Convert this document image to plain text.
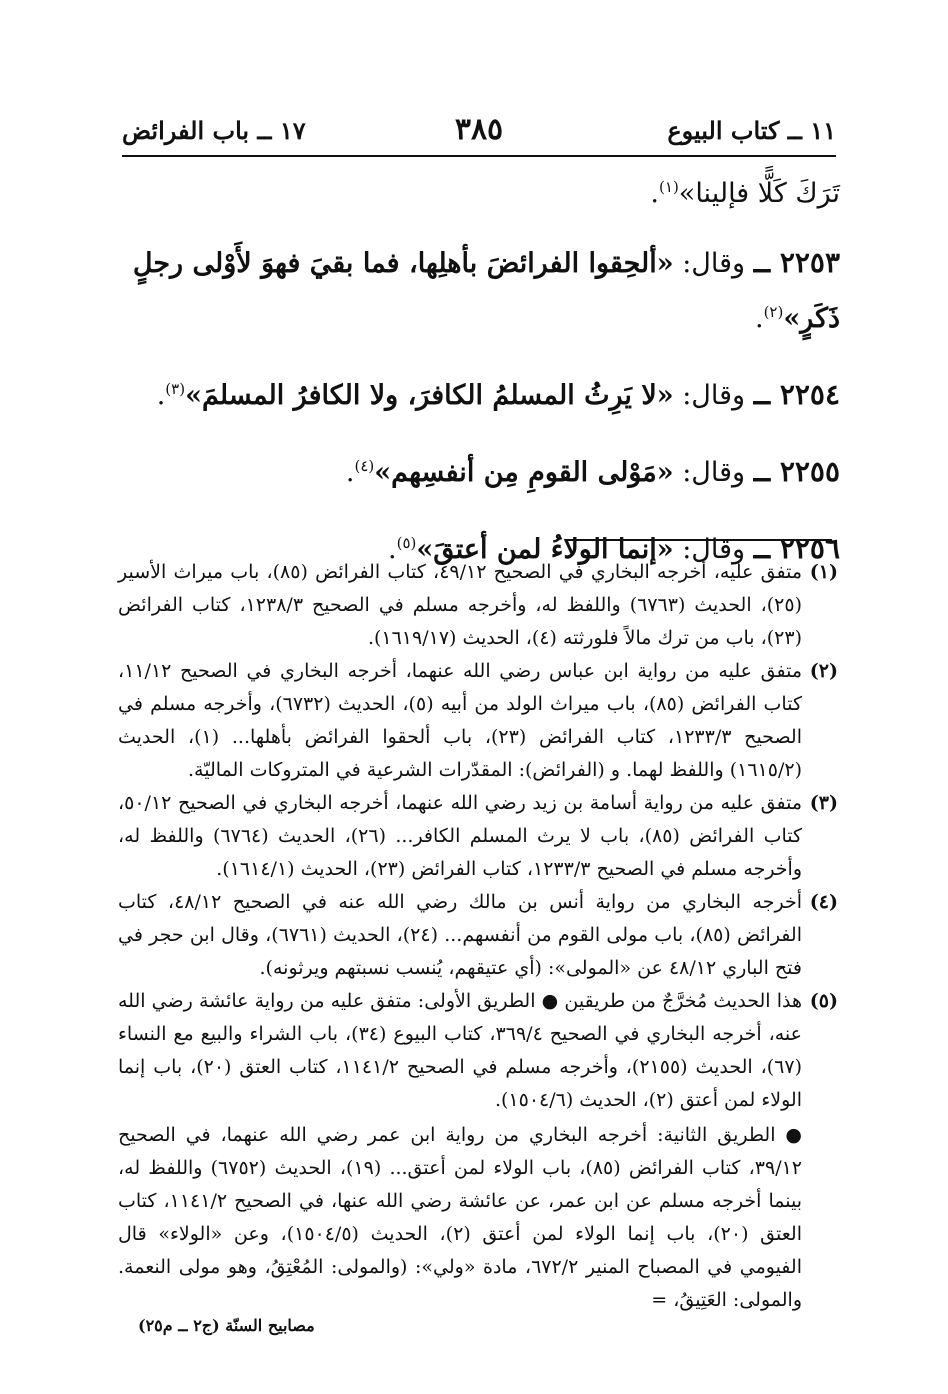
١١ ــ كتاب البيوع
٣٨٥
١٧ ــ باب الفرائض
تَرَكَ كَلًّا فإلينا»$^{(١)}$.
٢٢٥٣ ــ وقال: «ألحِقوا الفرائضَ بأهلِها، فما بقيَ فهوَ لأَوْلى رجلٍ ذَكَرٍ»$^{(٢)}$.
٢٢٥٤ ــ وقال: «لا يَرِثُ المسلمُ الكافرَ، ولا الكافرُ المسلمَ»$^{(٣)}$.
٢٢٥٥ ــ وقال: «مَوْلى القومِ مِن أنفسِهم»$^{(٤)}$.
٢٢٥٦ ــ وقال: «إنما الولاءُ لمن أعتقَ»$^{(٥)}$.
(١)

متفق عليه، أخرجه البخاري في الصحيح ٤٩/١٢، كتاب الفرائض (٨٥)، باب ميراث الأسير (٢٥)، الحديث (٦٧٦٣) واللفظ له، وأخرجه مسلم في الصحيح ١٢٣٨/٣، كتاب الفرائض (٢٣)، باب من ترك مالاً فلورثته (٤)، الحديث (١٦١٩/١٧).

(٢)

متفق عليه من رواية ابن عباس رضي الله عنهما، أخرجه البخاري في الصحيح ١١/١٢، كتاب الفرائض (٨٥)، باب ميراث الولد من أبيه (٥)، الحديث (٦٧٣٢)، وأخرجه مسلم في الصحيح ١٢٣٣/٣، كتاب الفرائض (٢٣)، باب ألحقوا الفرائض بأهلها... (١)، الحديث (١٦١٥/٢) واللفظ لهما. و (الفرائض): المقدّرات الشرعية في المتروكات الماليّة.

(٣)

متفق عليه من رواية أسامة بن زيد رضي الله عنهما، أخرجه البخاري في الصحيح ٥٠/١٢، كتاب الفرائض (٨٥)، باب لا يرث المسلم الكافر... (٢٦)، الحديث (٦٧٦٤) واللفظ له، وأخرجه مسلم في الصحيح ١٢٣٣/٣، كتاب الفرائض (٢٣)، الحديث (١٦١٤/١).

(٤)

أخرجه البخاري من رواية أنس بن مالك رضي الله عنه في الصحيح ٤٨/١٢، كتاب الفرائض (٨٥)، باب مولى القوم من أنفسهم... (٢٤)، الحديث (٦٧٦١)، وقال ابن حجر في فتح الباري ٤٨/١٢ عن «المولى»: (أي عتيقهم، يُنسب نسبتهم ويرثونه).

(٥)

هذا الحديث مُخرَّجٌ من طريقين ● الطريق الأولى: متفق عليه من رواية عائشة رضي الله عنه، أخرجه البخاري في الصحيح ٣٦٩/٤، كتاب البيوع (٣٤)، باب الشراء والبيع مع النساء (٦٧)، الحديث (٢١٥٥)، وأخرجه مسلم في الصحيح ١١٤١/٢، كتاب العتق (٢٠)، باب إنما الولاء لمن أعتق (٢)، الحديث (١٥٠٤/٦).

● الطريق الثانية: أخرجه البخاري من رواية ابن عمر رضي الله عنهما، في الصحيح ٣٩/١٢، كتاب الفرائض (٨٥)، باب الولاء لمن أعتق... (١٩)، الحديث (٦٧٥٢) واللفظ له، بينما أخرجه مسلم عن ابن عمر، عن عائشة رضي الله عنها، في الصحيح ١١٤١/٢، كتاب العتق (٢٠)، باب إنما الولاء لمن أعتق (٢)، الحديث (١٥٠٤/٥)، وعن «الولاء» قال الفيومي في المصباح المنير ٦٧٢/٢، مادة «ولي»: (والمولى: المُعْتِقُ، وهو مولى النعمة. والمولى: العَتِيقُ، =

مصابيح السنّة (ج٢ ــ م٢٥)
